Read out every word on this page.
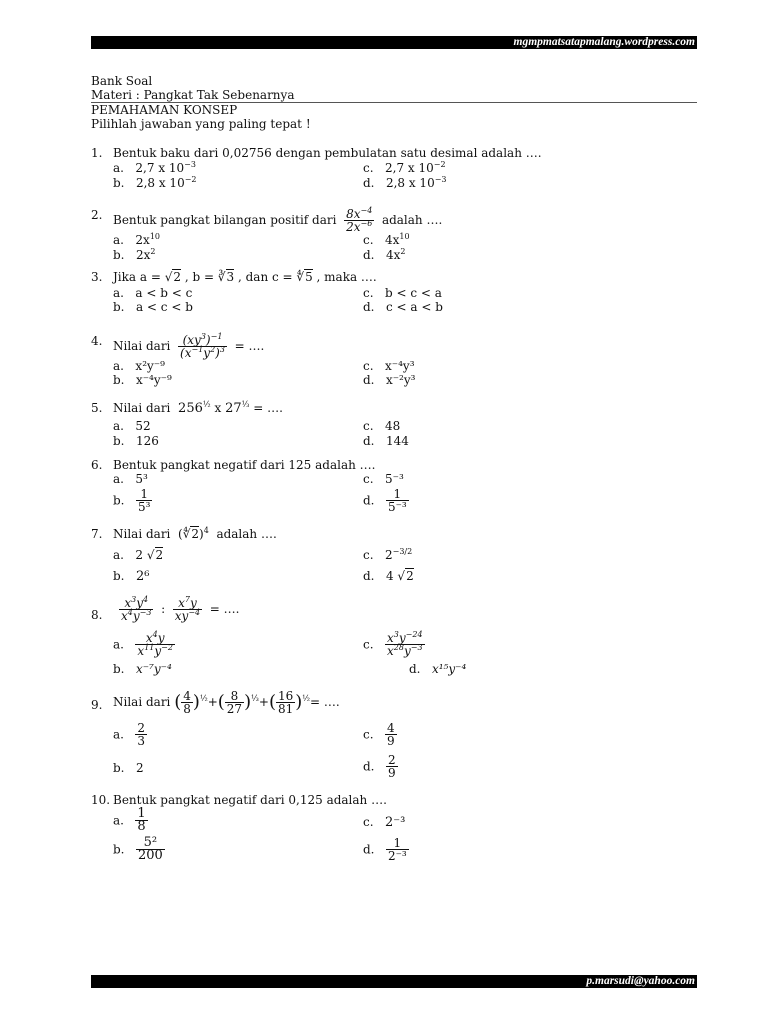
mgmpmatsatapmalang.wordpress.com
Bank Soal
Materi : Pangkat Tak Sebenarnya
PEMAHAMAN KONSEP
Pilihlah jawaban yang paling tepat !
1. Bentuk baku dari 0,02756 dengan pembulatan satu desimal adalah ….
a. 2,7 x $10^{-3}$
b. 2,8 x $10^{-2}$
c. 2,7 x $10^{-2}$
d. 2,8 x $10^{-3}$
2. Bentuk pangkat bilangan positif dari $\frac{8x^{-4}}{2x^{-6}}$ adalah ….
a. $2x^{10}$
b. $2x^2$
c. $4x^{10}$
d. $4x^2$
3. Jika a = √2 , b = ∛3 , dan c = ∜5 , maka ….
a. a < b < c
b. a < c < b
c. b < c < a
d. c < a < b
4. Nilai dari $\frac{(xy^3)^{-1}}{(x^{-1}y^2)^3}$ = ….
a. x²y⁻⁹
b. x⁻⁴y⁻⁹
c. x⁻⁴y³
d. x⁻²y³
5. Nilai dari $256^{\frac{1}{2}}$ x $27^{\frac{1}{3}}$ = ….
a. 52
b. 126
c. 48
d. 144
6. Bentuk pangkat negatif dari 125 adalah ….
a. 5³
b. $\frac{1}{\text{5³}}$
c. 5⁻³
d. $\frac{1}{\text{5⁻³}}$
7. Nilai dari  (∜2)$^4$ adalah ….
a. 2 √2
b. 2⁶
c. $2^{-3/2}$
d. 4 √2
8. $\frac{x^3y^4}{x^4y^{-3}}$ : $\frac{x^7y}{xy^{-4}}$ = ….
a. $\frac{x^4y}{x^{11}y^{-2}}$
b. x⁻⁷y⁻⁴
c. $\frac{x^3y^{-24}}{x^{28}y^{-3}}$
d. x¹⁵y⁻⁴
9. Nilai dari ( $\frac{4}{8} )^{\frac{1}{2}}+( \frac{8}{27} )^{\frac{1}{3}}+( \frac{16}{81} )^{\frac{1}{2}}=$ ….
a. $\frac{2}{3}$
b. 2
c. $\frac{4}{9}$
d. $\frac{2}{9}$
10. Bentuk pangkat negatif dari 0,125 adalah ….
a. $\frac{1}{8}$
b. $\frac{\text{5²}}{200}$
c. 2⁻³
d. $\frac{1}{\text{2⁻³}}$
p.marsudi@yahoo.com
